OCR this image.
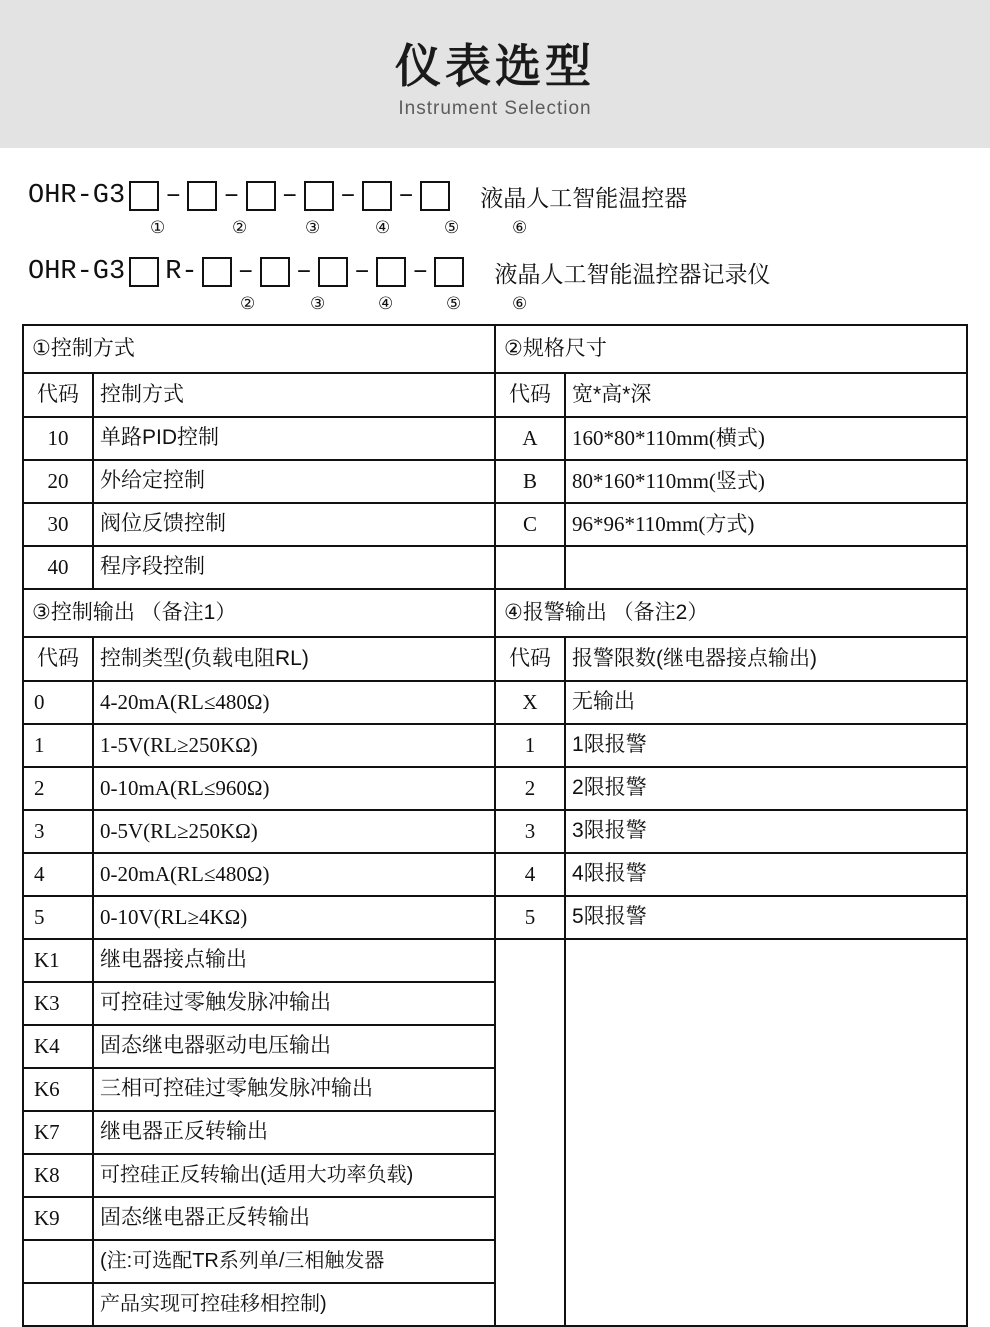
仪表选型
Instrument Selection
OHR-G3 – – – – –	液晶人工智能温控器
①	②	③	④	⑤	⑥
OHR-G3 R- – – – –	液晶人工智能温控器记录仪
②	③	④	⑤	⑥
①控制方式		②规格尺寸	
代码	控制方式	代码	宽*高*深
10	单路PID控制	A	160*80*110mm(横式)
20	外给定控制	B	80*160*110mm(竖式)
30	阀位反馈控制	C	96*96*110mm(方式)
40	程序段控制		
③控制输出 （备注1）		④报警输出 （备注2）	
代码	控制类型(负载电阻RL)	代码	报警限数(继电器接点输出)
0	4-20mA(RL≤480Ω)	X	无输出
1	1-5V(RL≥250KΩ)	1	1限报警
2	0-10mA(RL≤960Ω)	2	2限报警
3	0-5V(RL≥250KΩ)	3	3限报警
4	0-20mA(RL≤480Ω)	4	4限报警
5	0-10V(RL≥4KΩ)	5	5限报警
K1	继电器接点输出		
K3	可控硅过零触发脉冲输出		
K4	固态继电器驱动电压输出		
K6	三相可控硅过零触发脉冲输出		
K7	继电器正反转输出		
K8	可控硅正反转输出(适用大功率负载)		
K9	固态继电器正反转输出		
	(注:可选配TR系列单/三相触发器		
	产品实现可控硅移相控制)		
